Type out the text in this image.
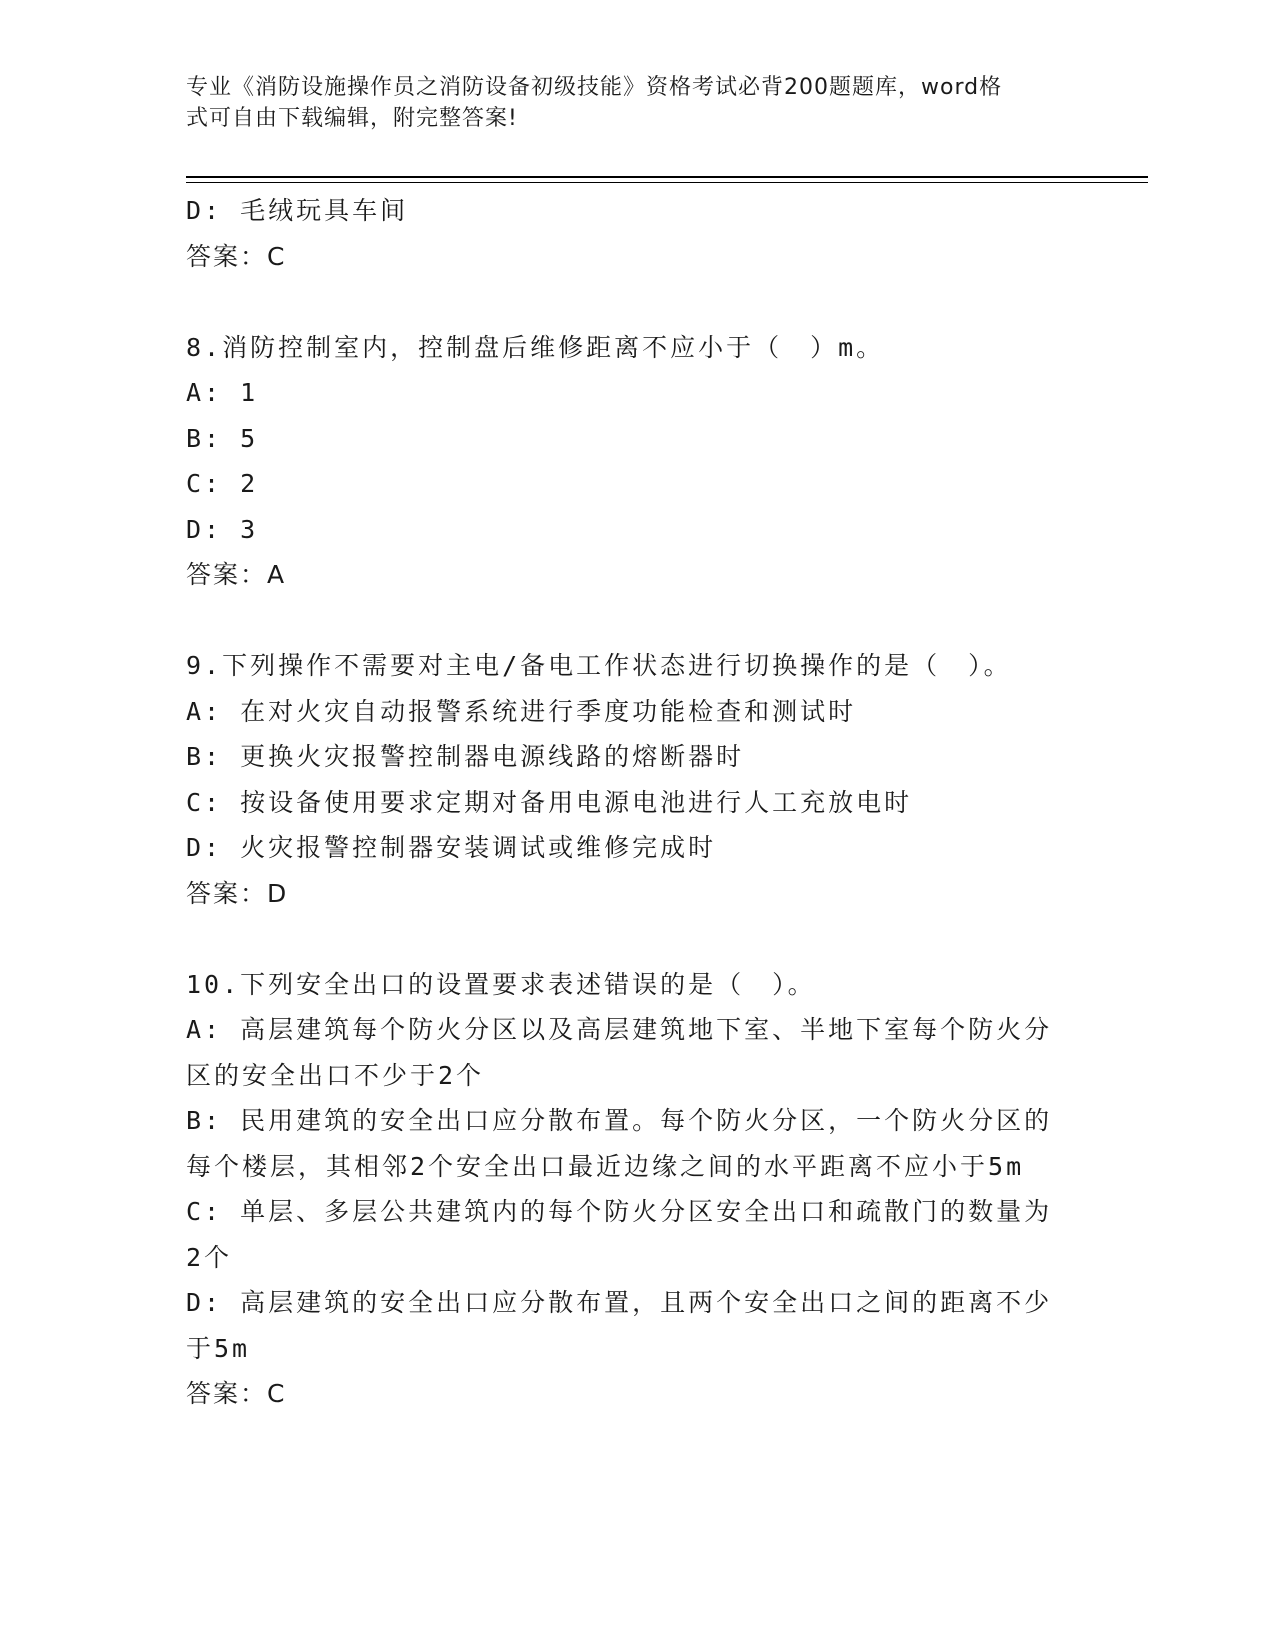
专业《消防设施操作员之消防设备初级技能》资格考试必背200题题库，word格
式可自由下载编辑，附完整答案!
D: 毛绒玩具车间
答案：C
8.消防控制室内，控制盘后维修距离不应小于（　）m。
A: 1
B: 5
C: 2
D: 3
答案：A
9.下列操作不需要对主电/备电工作状态进行切换操作的是（　）。
A: 在对火灾自动报警系统进行季度功能检查和测试时
B: 更换火灾报警控制器电源线路的熔断器时
C: 按设备使用要求定期对备用电源电池进行人工充放电时
D: 火灾报警控制器安装调试或维修完成时
答案：D
10.下列安全出口的设置要求表述错误的是（　）。
A: 高层建筑每个防火分区以及高层建筑地下室、半地下室每个防火分
区的安全出口不少于2个
B: 民用建筑的安全出口应分散布置。每个防火分区，一个防火分区的
每个楼层，其相邻2个安全出口最近边缘之间的水平距离不应小于5m
C: 单层、多层公共建筑内的每个防火分区安全出口和疏散门的数量为
2个
D: 高层建筑的安全出口应分散布置，且两个安全出口之间的距离不少
于5m
答案：C
